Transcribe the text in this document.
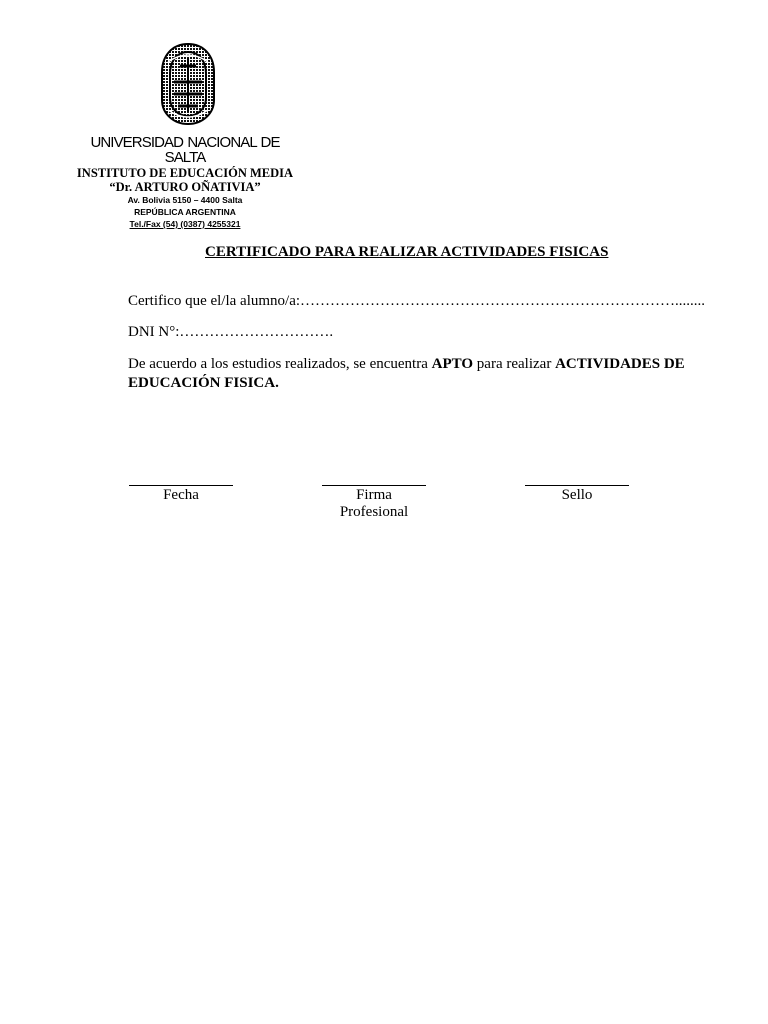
UNIVERSIDAD NACIONAL DE SALTA
INSTITUTO DE EDUCACIÓN MEDIA
“Dr. ARTURO OÑATIVIA”
Av. Bolivia 5150 – 4400 Salta
REPÚBLICA ARGENTINA
Tel./Fax (54) (0387) 4255321
CERTIFICADO PARA REALIZAR ACTIVIDADES FISICAS
Certifico que el/la alumno/a:…………………………………………………………………........
DNI N°:………………………….
De acuerdo a los estudios realizados, se encuentra APTO para realizar ACTIVIDADES DE EDUCACIÓN FISICA.
Fecha	Firma
Profesional
Sello
